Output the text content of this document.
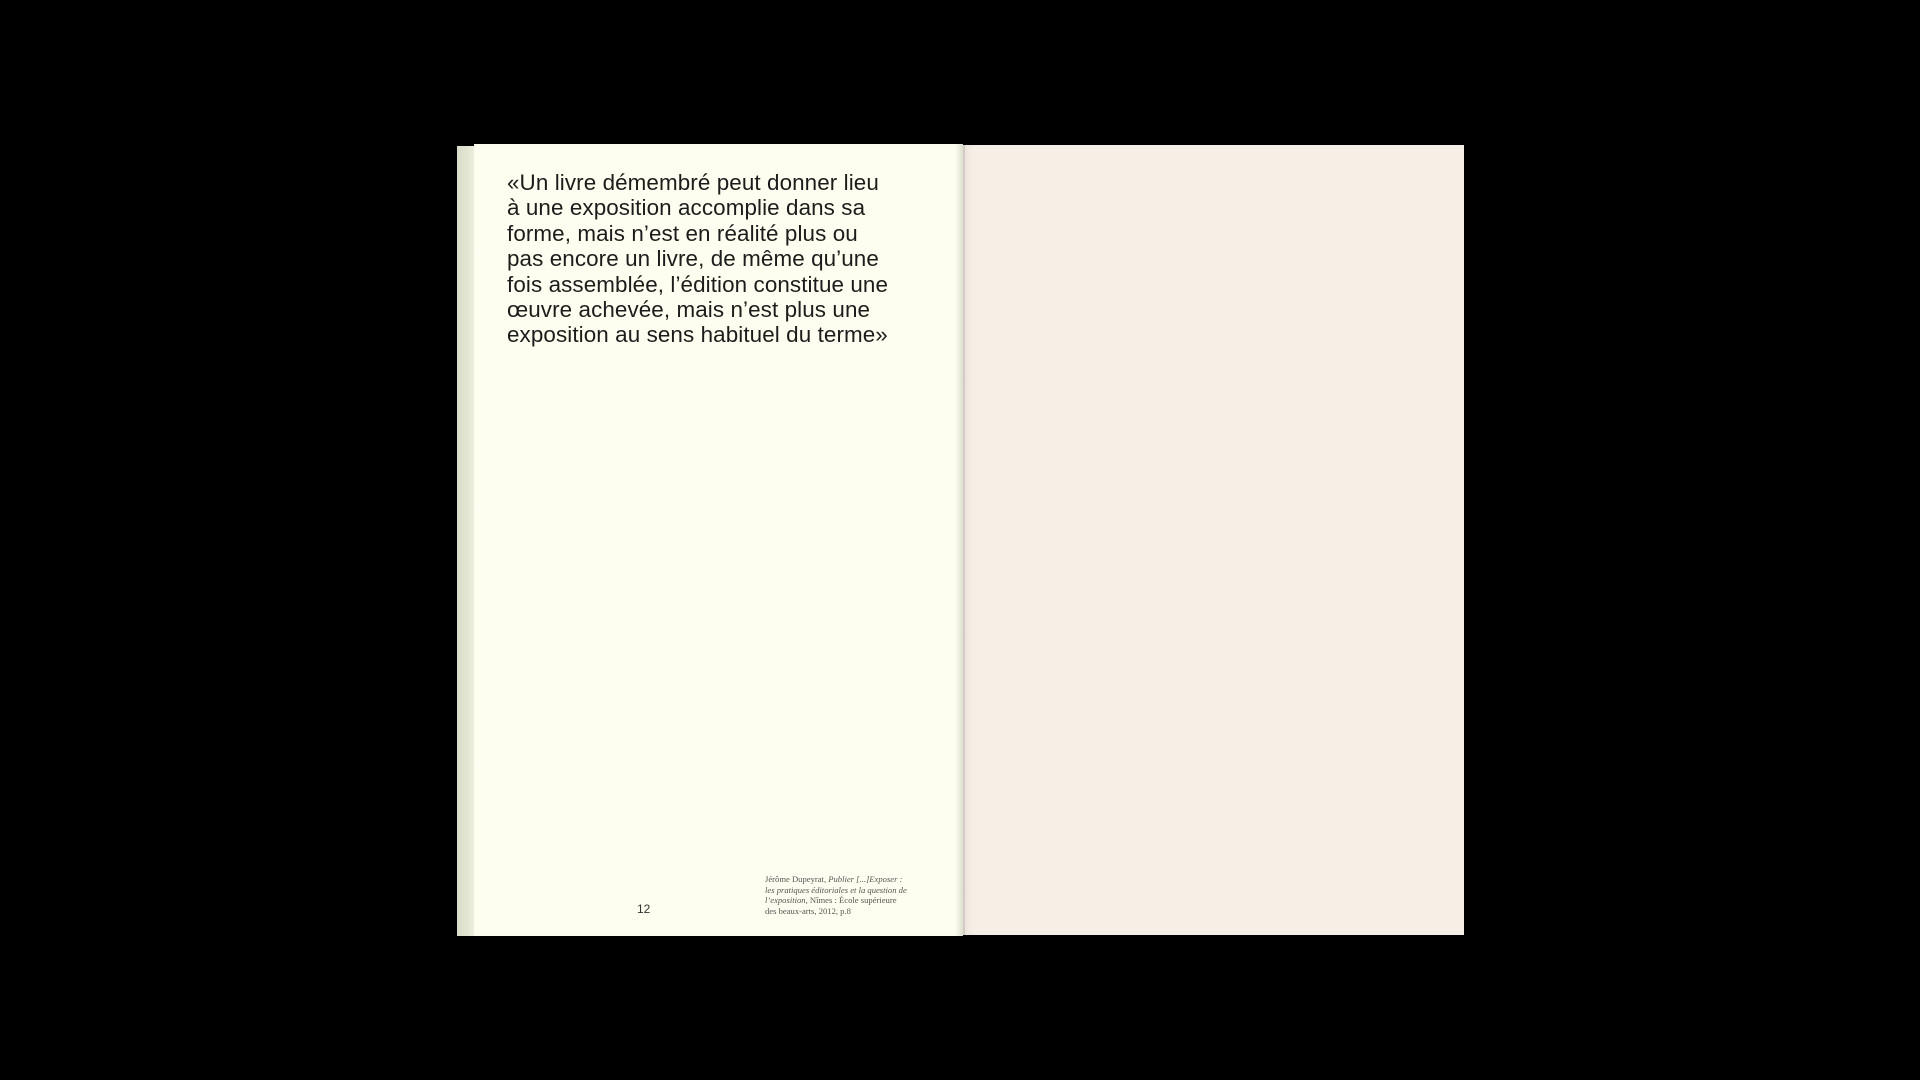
«Un livre démembré peut donner lieu
à une exposition accomplie dans sa
forme, mais n’est en réalité plus ou
pas encore un livre, de même qu’une
fois assemblée, l’édition constitue une
œuvre achevée, mais n’est plus une
exposition au sens habituel du terme»

12
Jérôme Dupeyrat, Publier [...]Exposer :
les pratiques éditoriales et la question de
l’exposition, Nîmes : École supérieure
des beaux-arts, 2012, p.8
